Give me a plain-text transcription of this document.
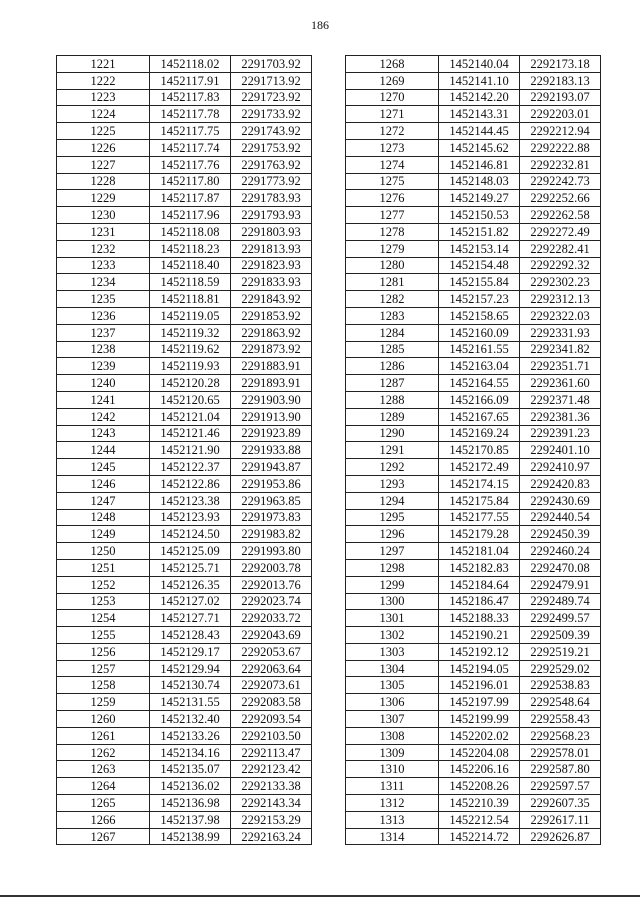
186
1221	1452118.02	2291703.92
1222	1452117.91	2291713.92
1223	1452117.83	2291723.92
1224	1452117.78	2291733.92
1225	1452117.75	2291743.92
1226	1452117.74	2291753.92
1227	1452117.76	2291763.92
1228	1452117.80	2291773.92
1229	1452117.87	2291783.93
1230	1452117.96	2291793.93
1231	1452118.08	2291803.93
1232	1452118.23	2291813.93
1233	1452118.40	2291823.93
1234	1452118.59	2291833.93
1235	1452118.81	2291843.92
1236	1452119.05	2291853.92
1237	1452119.32	2291863.92
1238	1452119.62	2291873.92
1239	1452119.93	2291883.91
1240	1452120.28	2291893.91
1241	1452120.65	2291903.90
1242	1452121.04	2291913.90
1243	1452121.46	2291923.89
1244	1452121.90	2291933.88
1245	1452122.37	2291943.87
1246	1452122.86	2291953.86
1247	1452123.38	2291963.85
1248	1452123.93	2291973.83
1249	1452124.50	2291983.82
1250	1452125.09	2291993.80
1251	1452125.71	2292003.78
1252	1452126.35	2292013.76
1253	1452127.02	2292023.74
1254	1452127.71	2292033.72
1255	1452128.43	2292043.69
1256	1452129.17	2292053.67
1257	1452129.94	2292063.64
1258	1452130.74	2292073.61
1259	1452131.55	2292083.58
1260	1452132.40	2292093.54
1261	1452133.26	2292103.50
1262	1452134.16	2292113.47
1263	1452135.07	2292123.42
1264	1452136.02	2292133.38
1265	1452136.98	2292143.34
1266	1452137.98	2292153.29
1267	1452138.99	2292163.24
1268	1452140.04	2292173.18
1269	1452141.10	2292183.13
1270	1452142.20	2292193.07
1271	1452143.31	2292203.01
1272	1452144.45	2292212.94
1273	1452145.62	2292222.88
1274	1452146.81	2292232.81
1275	1452148.03	2292242.73
1276	1452149.27	2292252.66
1277	1452150.53	2292262.58
1278	1452151.82	2292272.49
1279	1452153.14	2292282.41
1280	1452154.48	2292292.32
1281	1452155.84	2292302.23
1282	1452157.23	2292312.13
1283	1452158.65	2292322.03
1284	1452160.09	2292331.93
1285	1452161.55	2292341.82
1286	1452163.04	2292351.71
1287	1452164.55	2292361.60
1288	1452166.09	2292371.48
1289	1452167.65	2292381.36
1290	1452169.24	2292391.23
1291	1452170.85	2292401.10
1292	1452172.49	2292410.97
1293	1452174.15	2292420.83
1294	1452175.84	2292430.69
1295	1452177.55	2292440.54
1296	1452179.28	2292450.39
1297	1452181.04	2292460.24
1298	1452182.83	2292470.08
1299	1452184.64	2292479.91
1300	1452186.47	2292489.74
1301	1452188.33	2292499.57
1302	1452190.21	2292509.39
1303	1452192.12	2292519.21
1304	1452194.05	2292529.02
1305	1452196.01	2292538.83
1306	1452197.99	2292548.64
1307	1452199.99	2292558.43
1308	1452202.02	2292568.23
1309	1452204.08	2292578.01
1310	1452206.16	2292587.80
1311	1452208.26	2292597.57
1312	1452210.39	2292607.35
1313	1452212.54	2292617.11
1314	1452214.72	2292626.87
